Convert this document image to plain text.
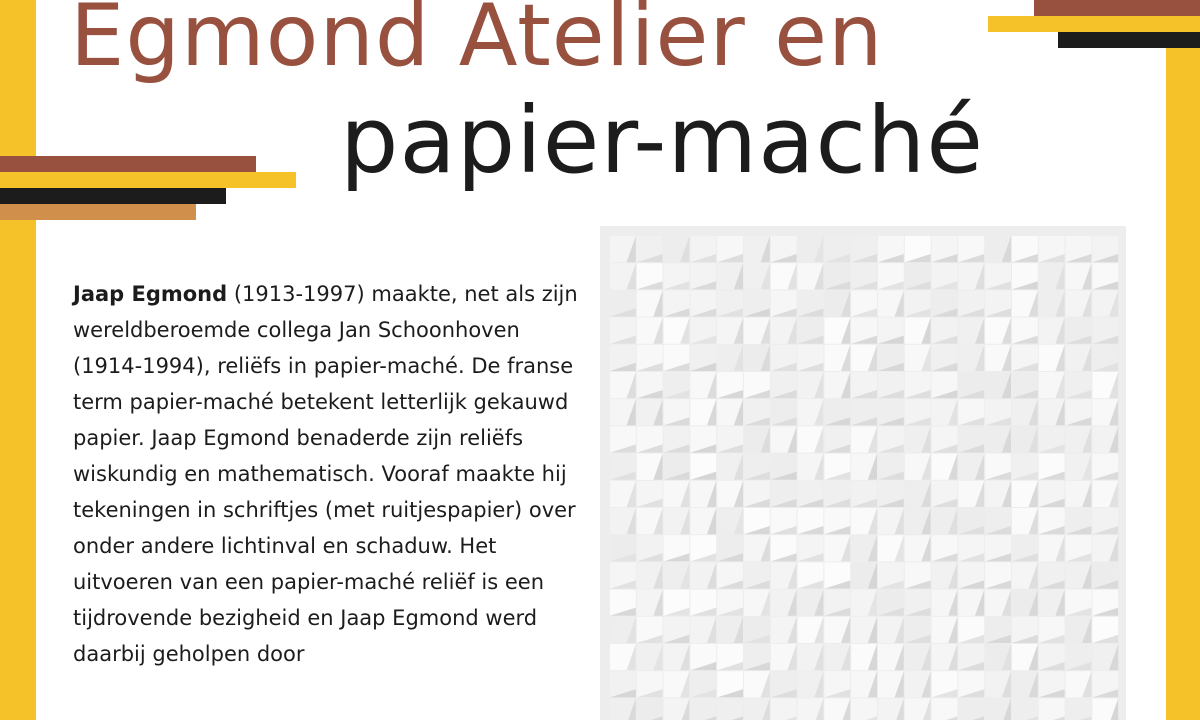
Egmond Atelier en
papier-maché
Jaap Egmond (1913-1997) maakte, net als zijn wereldberoemde collega Jan Schoonhoven (1914-1994), reliëfs in papier-maché. De franse term papier-maché betekent letterlijk gekauwd papier. Jaap Egmond benaderde zijn reliëfs wiskundig en mathematisch. Vooraf maakte hij tekeningen in schriftjes (met ruitjespapier) over onder andere lichtinval en schaduw. Het uitvoeren van een papier-maché reliëf is een tijdrovende bezigheid en Jaap Egmond werd daarbij geholpen door
